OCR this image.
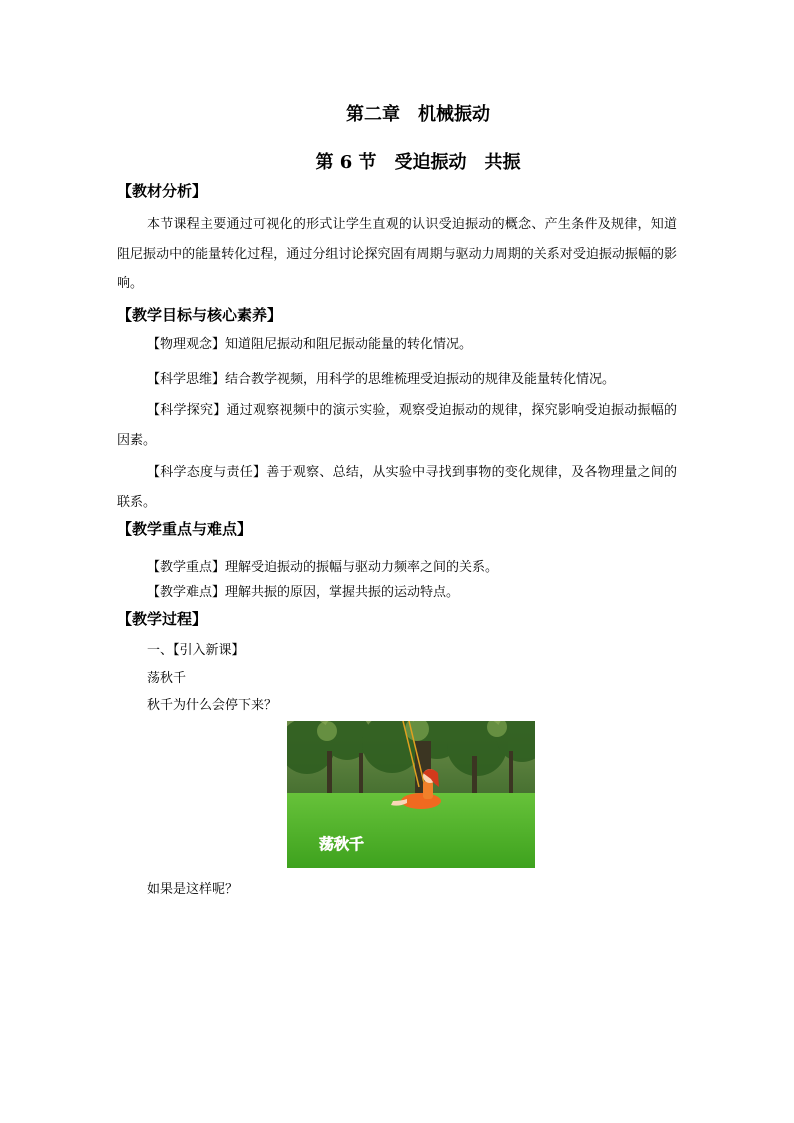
第二章　机械振动
第 6 节　受迫振动　共振
【教材分析】
本节课程主要通过可视化的形式让学生直观的认识受迫振动的概念、产生条件及规律，知道阻尼振动中的能量转化过程，通过分组讨论探究固有周期与驱动力周期的关系对受迫振动振幅的影响。
【教学目标与核心素养】
【物理观念】知道阻尼振动和阻尼振动能量的转化情况。
【科学思维】结合教学视频，用科学的思维梳理受迫振动的规律及能量转化情况。
【科学探究】通过观察视频中的演示实验，观察受迫振动的规律，探究影响受迫振动振幅的因素。
【科学态度与责任】善于观察、总结，从实验中寻找到事物的变化规律，及各物理量之间的联系。
【教学重点与难点】
【教学重点】理解受迫振动的振幅与驱动力频率之间的关系。
【教学难点】理解共振的原因，掌握共振的运动特点。
【教学过程】
一、【引入新课】
荡秋千
秋千为什么会停下来？
荡秋千
如果是这样呢？
